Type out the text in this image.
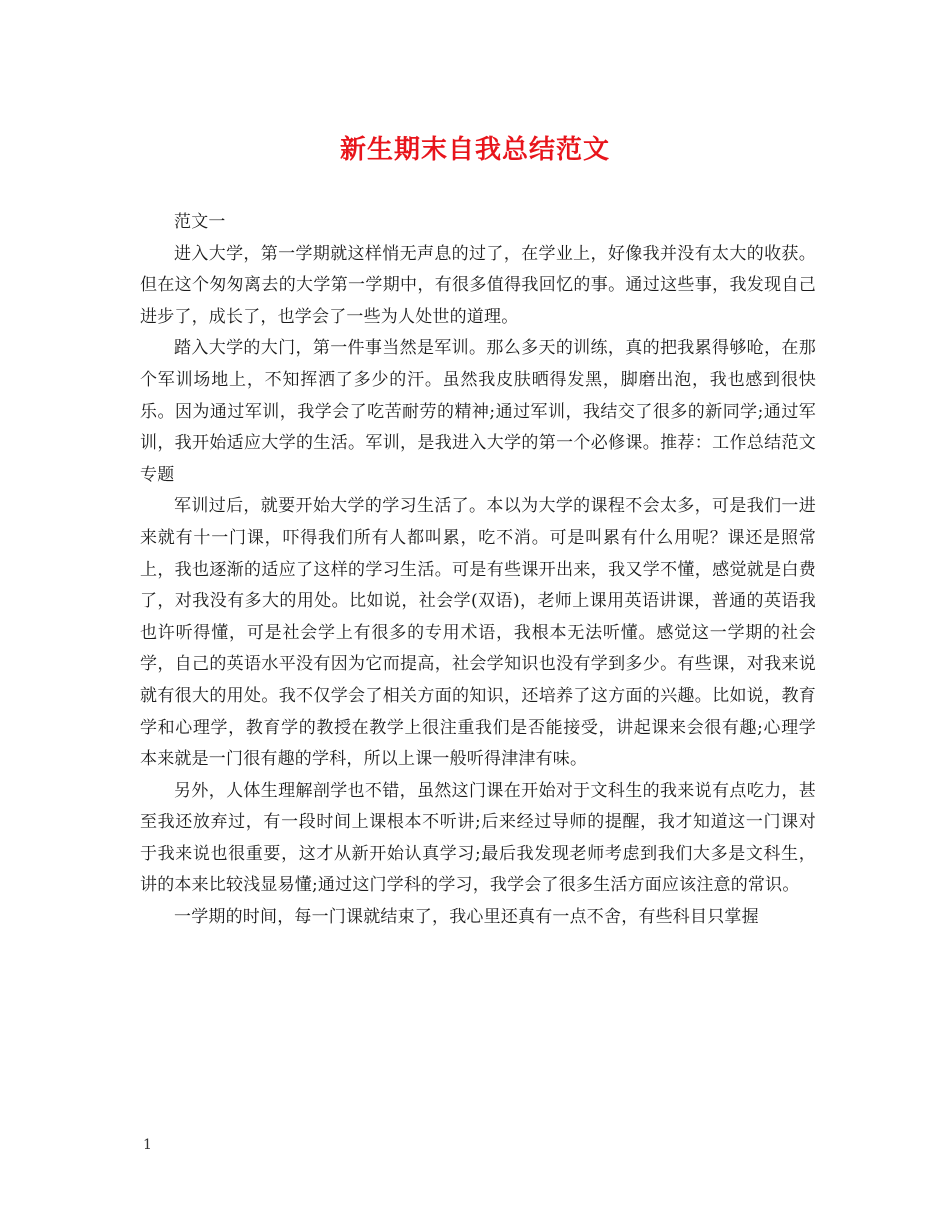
新生期末自我总结范文

范文一

进入大学，第一学期就这样悄无声息的过了，在学业上，好像我并没有太大的收获。但在这个匆匆离去的大学第一学期中，有很多值得我回忆的事。通过这些事，我发现自己进步了，成长了，也学会了一些为人处世的道理。

踏入大学的大门，第一件事当然是军训。那么多天的训练，真的把我累得够呛，在那个军训场地上，不知挥洒了多少的汗。虽然我皮肤晒得发黑，脚磨出泡，我也感到很快乐。因为通过军训，我学会了吃苦耐劳的精神;通过军训，我结交了很多的新同学;通过军训，我开始适应大学的生活。军训，是我进入大学的第一个必修课。推荐：工作总结范文专题

军训过后，就要开始大学的学习生活了。本以为大学的课程不会太多，可是我们一进来就有十一门课，吓得我们所有人都叫累，吃不消。可是叫累有什么用呢？课还是照常上，我也逐渐的适应了这样的学习生活。可是有些课开出来，我又学不懂，感觉就是白费了，对我没有多大的用处。比如说，社会学(双语)，老师上课用英语讲课，普通的英语我也许听得懂，可是社会学上有很多的专用术语，我根本无法听懂。感觉这一学期的社会学，自己的英语水平没有因为它而提高，社会学知识也没有学到多少。有些课，对我来说就有很大的用处。我不仅学会了相关方面的知识，还培养了这方面的兴趣。比如说，教育学和心理学，教育学的教授在教学上很注重我们是否能接受，讲起课来会很有趣;心理学本来就是一门很有趣的学科，所以上课一般听得津津有味。

另外，人体生理解剖学也不错，虽然这门课在开始对于文科生的我来说有点吃力，甚至我还放弃过，有一段时间上课根本不听讲;后来经过导师的提醒，我才知道这一门课对于我来说也很重要，这才从新开始认真学习;最后我发现老师考虑到我们大多是文科生，讲的本来比较浅显易懂;通过这门学科的学习，我学会了很多生活方面应该注意的常识。

一学期的时间，每一门课就结束了，我心里还真有一点不舍，有些科目只掌握

1
